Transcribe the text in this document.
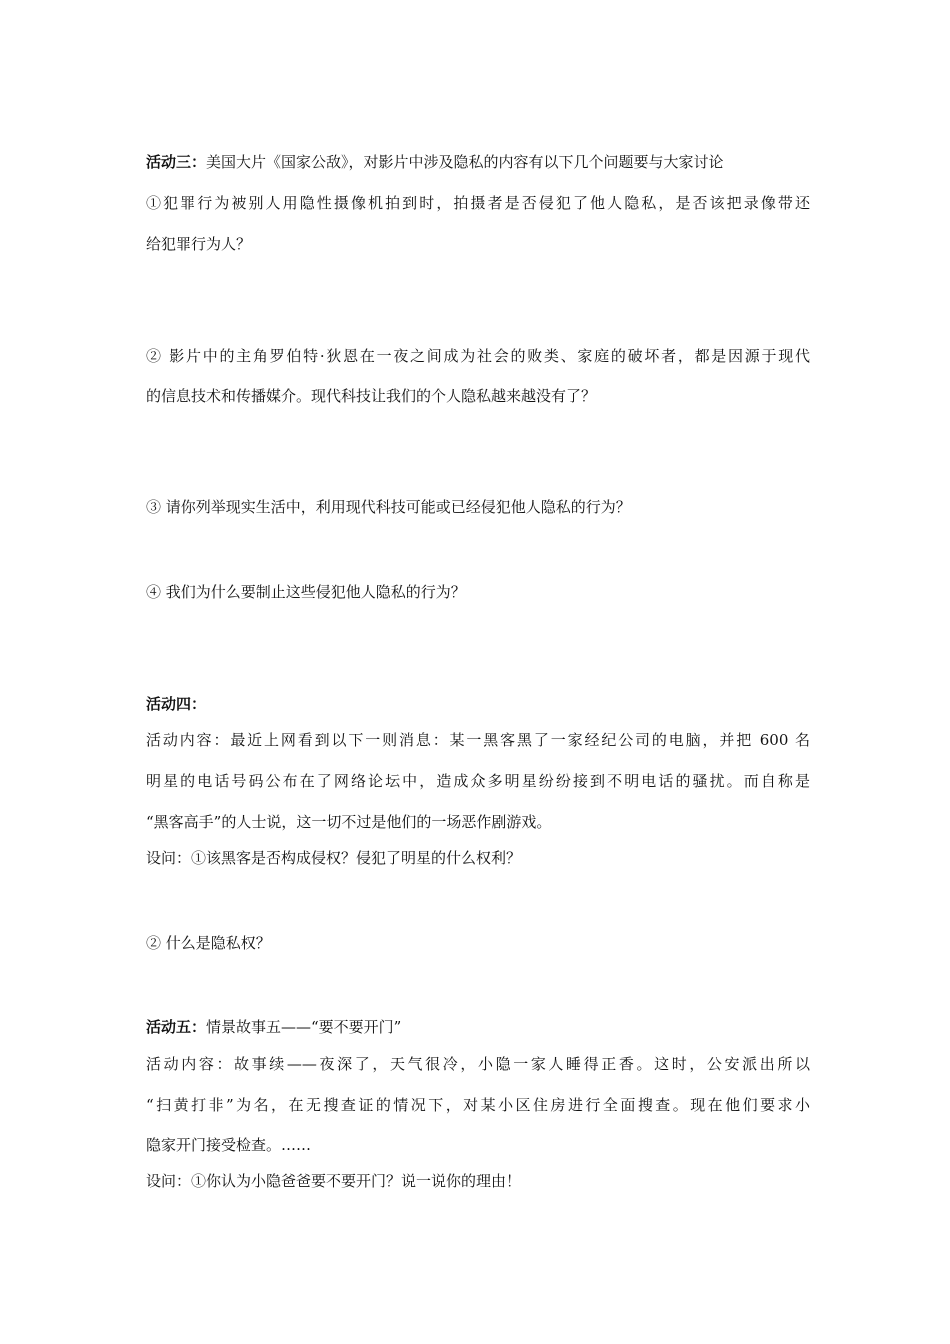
活动三：美国大片《国家公敌》，对影片中涉及隐私的内容有以下几个问题要与大家讨论
①犯罪行为被别人用隐性摄像机拍到时，拍摄者是否侵犯了他人隐私，是否该把录像带还
给犯罪行为人？
② 影片中的主角罗伯特·狄恩在一夜之间成为社会的败类、家庭的破坏者，都是因源于现代
的信息技术和传播媒介。现代科技让我们的个人隐私越来越没有了？
③ 请你列举现实生活中，利用现代科技可能或已经侵犯他人隐私的行为？
④ 我们为什么要制止这些侵犯他人隐私的行为？
活动四：
活动内容：最近上网看到以下一则消息：某一黑客黑了一家经纪公司的电脑，并把 600 名
明星的电话号码公布在了网络论坛中，造成众多明星纷纷接到不明电话的骚扰。而自称是
“黑客高手”的人士说，这一切不过是他们的一场恶作剧游戏。
设问：①该黑客是否构成侵权？侵犯了明星的什么权利？
② 什么是隐私权？
活动五：情景故事五——“要不要开门”
活动内容：故事续——夜深了，天气很冷，小隐一家人睡得正香。这时，公安派出所以
“扫黄打非”为名，在无搜查证的情况下，对某小区住房进行全面搜查。现在他们要求小
隐家开门接受检查。……
设问：①你认为小隐爸爸要不要开门？说一说你的理由！
